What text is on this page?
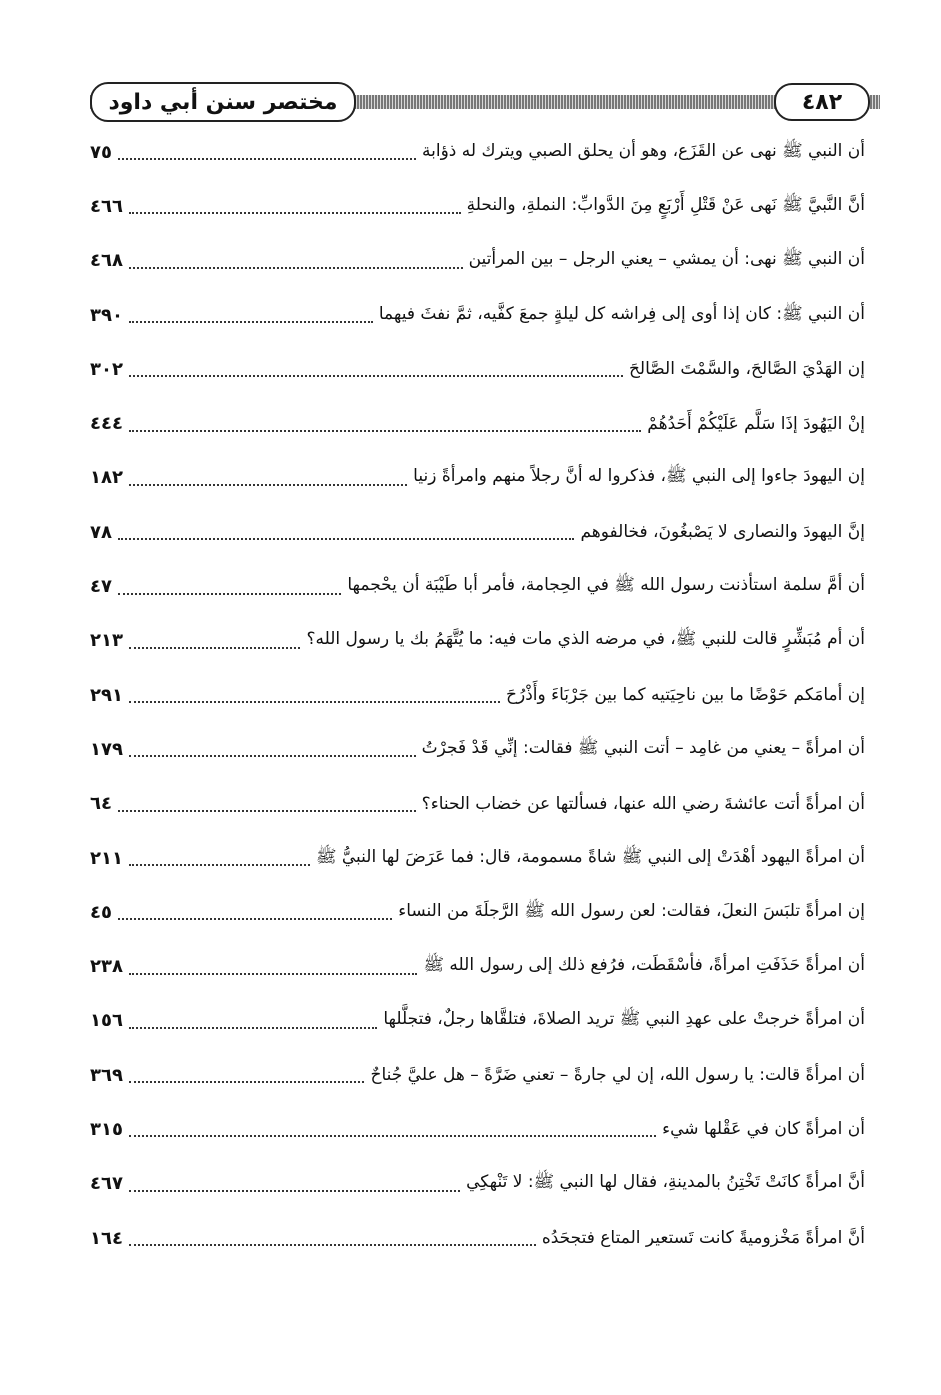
مختصر سنن أبي داود	٤٨٢
أن النبي ﷺ نهى عن القَزَع، وهو أن يحلق الصبي ويترك له ذؤابة
٧٥
أنَّ النَّبيَّ ﷺ نَهى عَنْ قَتْلِ أَرْبَعٍ مِنَ الدَّوابِّ: النملةِ، والنحلةِ
٤٦٦
أن النبي ﷺ نهى: أن يمشي – يعني الرجل – بين المرأتين
٤٦٨
أن النبي ﷺ: كان إذا أوى إلى فِراشه كل ليلةٍ جمعَ كفَّيه، ثمَّ نفثَ فيهما
٣٩٠
إن الهَدْيَ الصَّالحَ، والسَّمْتَ الصَّالحَ
٣٠٢
إنْ اليَهُودَ إذَا سَلَّم عَلَيْكُمْ أَحَدُهُمْ
٤٤٤
إن اليهودَ جاءوا إلى النبي ﷺ، فذكروا له أنَّ رجلاً منهم وامرأةً زنيا
١٨٢
إنَّ اليهودَ والنصارى لا يَصْبغُونَ، فخالفوهم
٧٨
أن أمَّ سلمة استأذنت رسول الله ﷺ في الحِجامة، فأمر أبا طَيْبَة أن يحْجمها
٤٧
أن أم مُبَشِّرٍ قالت للنبي ﷺ، في مرضه الذي مات فيه: ما يُتَّهَمُ بك يا رسول الله؟
٢١٣
إن أمامَكم حَوْضًا ما بين ناحِيَتيه كما بين جَرْبَاءَ وأَذْرُحَ
٢٩١
أن امرأةً – يعني من غامِد – أتت النبي ﷺ فقالت: إنِّي قَدْ فَجرْتُ
١٧٩
أن امرأةً أتت عائشةَ رضي الله عنها، فسألتها عن خضاب الحناء؟
٦٤
أن امرأةً اليهود أهْدَتْ إلى النبي ﷺ شاةً مسمومة، قال: فما عَرَضَ لها النبيُّ ﷺ
٢١١
إن امرأةً تلبَسَ النعلَ، فقالت: لعن رسول الله ﷺ الرَّجلَةَ من النساء
٤٥
أن امرأةً حَذَفَتِ امرأةً، فأسْقَطَت، فرُفع ذلك إلى رسول الله ﷺ
٢٣٨
أن امرأةً خرجتْ على عهدِ النبي ﷺ تريد الصلاةَ، فتلقَّاها رجلٌ، فتجلَّلها
١٥٦
أن امرأةً قالت: يا رسول الله، إن لي جارةً – تعني ضَرَّةً – هل عليَّ جُناحٌ
٣٦٩
أن امرأةً كان في عَقْلها شيء
٣١٥
أنَّ امرأةً كانَتْ تَخْتِنُ بالمدينةِ، فقال لها النبي ﷺ: لا تَنْهكِي
٤٦٧
أنَّ امرأةً مَخْزوميةً كانت تَستعير المتاع فتجحَدُه
١٦٤
